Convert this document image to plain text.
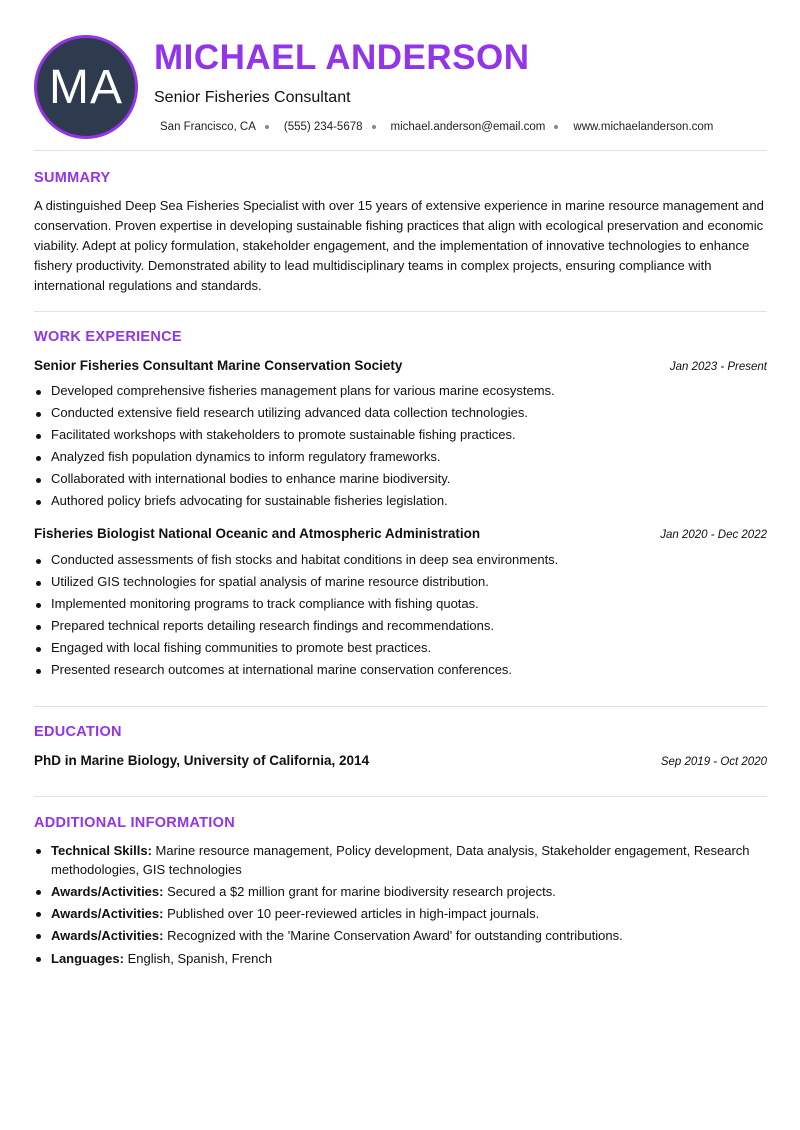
MA
MICHAEL ANDERSON

Senior Fisheries Consultant

San Francisco, CA (555) 234-5678 michael.anderson@email.com www.michaelanderson.com
SUMMARY

A distinguished Deep Sea Fisheries Specialist with over 15 years of extensive experience in marine resource management and conservation. Proven expertise in developing sustainable fishing practices that align with ecological preservation and economic viability. Adept at policy formulation, stakeholder engagement, and the implementation of innovative technologies to enhance fishery productivity. Demonstrated ability to lead multidisciplinary teams in complex projects, ensuring compliance with international regulations and standards.

WORK EXPERIENCE
Senior Fisheries Consultant Marine Conservation Society	Jan 2023 - Present
Developed comprehensive fisheries management plans for various marine ecosystems.
Conducted extensive field research utilizing advanced data collection technologies.
Facilitated workshops with stakeholders to promote sustainable fishing practices.
Analyzed fish population dynamics to inform regulatory frameworks.
Collaborated with international bodies to enhance marine biodiversity.
Authored policy briefs advocating for sustainable fisheries legislation.
Fisheries Biologist National Oceanic and Atmospheric Administration	Jan 2020 - Dec 2022
Conducted assessments of fish stocks and habitat conditions in deep sea environments.
Utilized GIS technologies for spatial analysis of marine resource distribution.
Implemented monitoring programs to track compliance with fishing quotas.
Prepared technical reports detailing research findings and recommendations.
Engaged with local fishing communities to promote best practices.
Presented research outcomes at international marine conservation conferences.
EDUCATION
PhD in Marine Biology, University of California, 2014	Sep 2019 - Oct 2020
ADDITIONAL INFORMATION
Technical Skills: Marine resource management, Policy development, Data analysis, Stakeholder engagement, Research methodologies, GIS technologies
Awards/Activities: Secured a $2 million grant for marine biodiversity research projects.
Awards/Activities: Published over 10 peer-reviewed articles in high-impact journals.
Awards/Activities: Recognized with the 'Marine Conservation Award' for outstanding contributions.
Languages: English, Spanish, French
